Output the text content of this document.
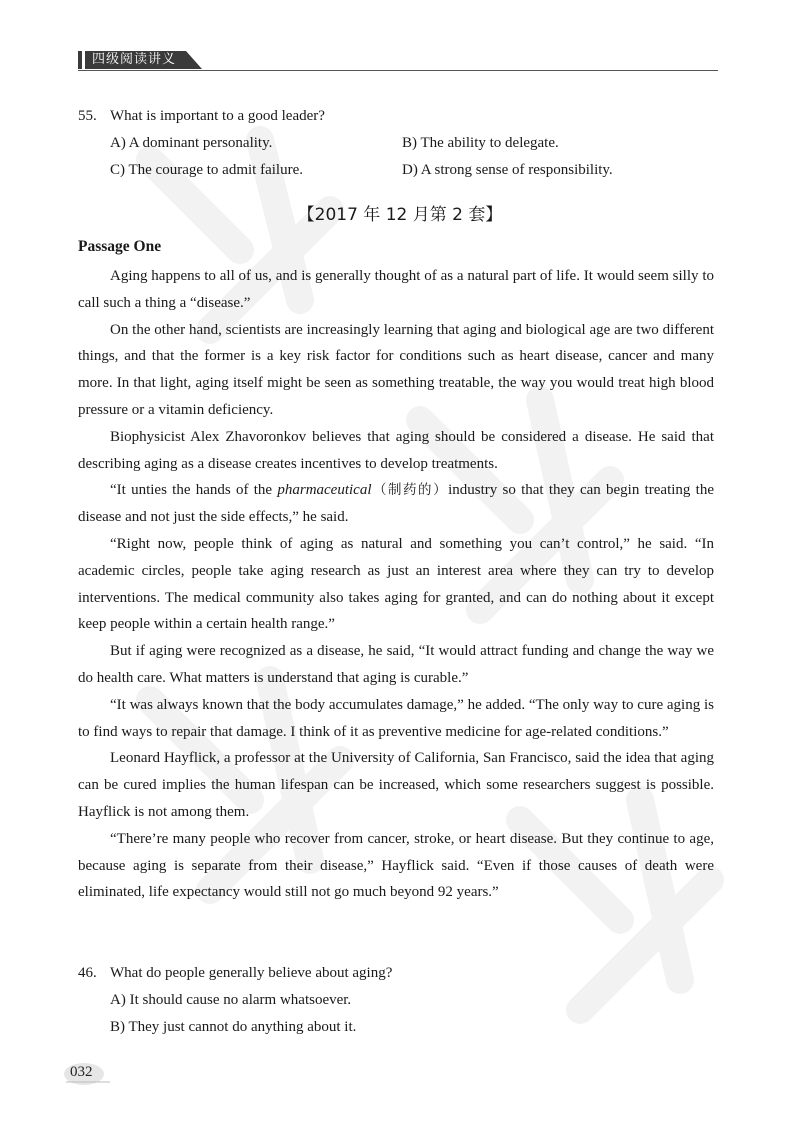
四级阅读讲义
55. What is important to a good leader?
A) A dominant personality.	B) The ability to delegate.
C) The courage to admit failure.	D) A strong sense of responsibility.
【2017 年 12 月第 2 套】
Passage One

Aging happens to all of us, and is generally thought of as a natural part of life. It would seem silly to call such a thing a “disease.”

On the other hand, scientists are increasingly learning that aging and biological age are two different things, and that the former is a key risk factor for conditions such as heart disease, cancer and many more. In that light, aging itself might be seen as something treatable, the way you would treat high blood pressure or a vitamin deficiency.

Biophysicist Alex Zhavoronkov believes that aging should be considered a disease. He said that describing aging as a disease creates incentives to develop treatments.

“It unties the hands of the pharmaceutical（制药的）industry so that they can begin treating the disease and not just the side effects,” he said.

“Right now, people think of aging as natural and something you can’t control,” he said. “In academic circles, people take aging research as just an interest area where they can try to develop interventions. The medical community also takes aging for granted, and can do nothing about it except keep people within a certain health range.”

But if aging were recognized as a disease, he said, “It would attract funding and change the way we do health care. What matters is understand that aging is curable.”

“It was always known that the body accumulates damage,” he added. “The only way to cure aging is to find ways to repair that damage. I think of it as preventive medicine for age-related conditions.”

Leonard Hayflick, a professor at the University of California, San Francisco, said the idea that aging can be cured implies the human lifespan can be increased, which some researchers suggest is possible. Hayflick is not among them.

“There’re many people who recover from cancer, stroke, or heart disease. But they continue to age, because aging is separate from their disease,” Hayflick said. “Even if those causes of death were eliminated, life expectancy would still not go much beyond 92 years.”

46. What do people generally believe about aging?
A) It should cause no alarm whatsoever.
B) They just cannot do anything about it.
032
